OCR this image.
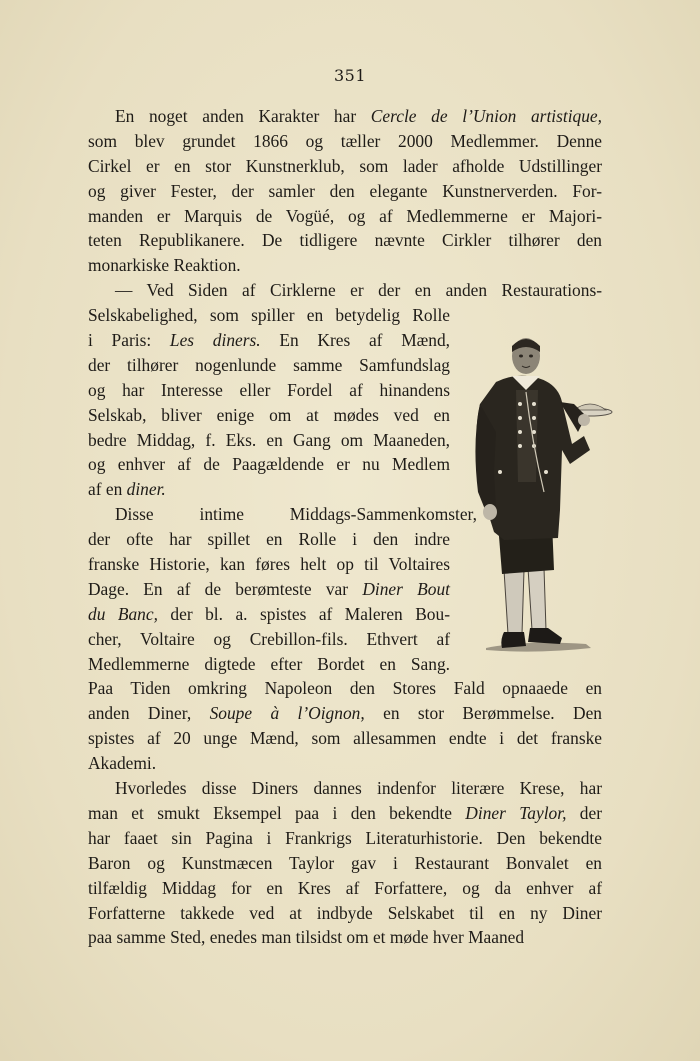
351
En noget anden Karakter har Cercle de l’Union artistique,
som blev grundet 1866 og tæller 2000 Medlemmer. Denne
Cirkel er en stor Kunstnerklub, som lader afholde Udstillinger
og giver Fester, der samler den elegante Kunstnerverden. For-
manden er Marquis de Vogüé, og af Medlemmerne er Majori-
teten Republikanere. De tidligere nævnte Cirkler tilhører den
monarkiske Reaktion.
— Ved Siden af Cirklerne er der en anden Restaurations-
Selskabelighed, som spiller en betydelig Rolle
i Paris: Les diners. En Kres af Mænd,
der tilhører nogenlunde samme Samfundslag
og har Interesse eller Fordel af hinandens
Selskab, bliver enige om at mødes ved en
bedre Middag, f. Eks. en Gang om Maaneden,
og enhver af de Paagældende er nu Medlem
af en diner.
Disse intime Middags-Sammenkomster,
der ofte har spillet en Rolle i den indre
franske Historie, kan føres helt op til Voltaires
Dage. En af de berømteste var Diner Bout
du Banc, der bl. a. spistes af Maleren Bou-
cher, Voltaire og Crebillon-fils. Ethvert af
Medlemmerne digtede efter Bordet en Sang.
Paa Tiden omkring Napoleon den Stores Fald opnaaede en
anden Diner, Soupe à l’Oignon, en stor Berømmelse. Den
spistes af 20 unge Mænd, som allesammen endte i det franske
Akademi.
Hvorledes disse Diners dannes indenfor literære Krese, har
man et smukt Eksempel paa i den bekendte Diner Taylor, der
har faaet sin Pagina i Frankrigs Literaturhistorie. Den bekendte
Baron og Kunstmæcen Taylor gav i Restaurant Bonvalet en
tilfældig Middag for en Kres af Forfattere, og da enhver af
Forfatterne takkede ved at indbyde Selskabet til en ny Diner
paa samme Sted, enedes man tilsidst om et møde hver Maaned
